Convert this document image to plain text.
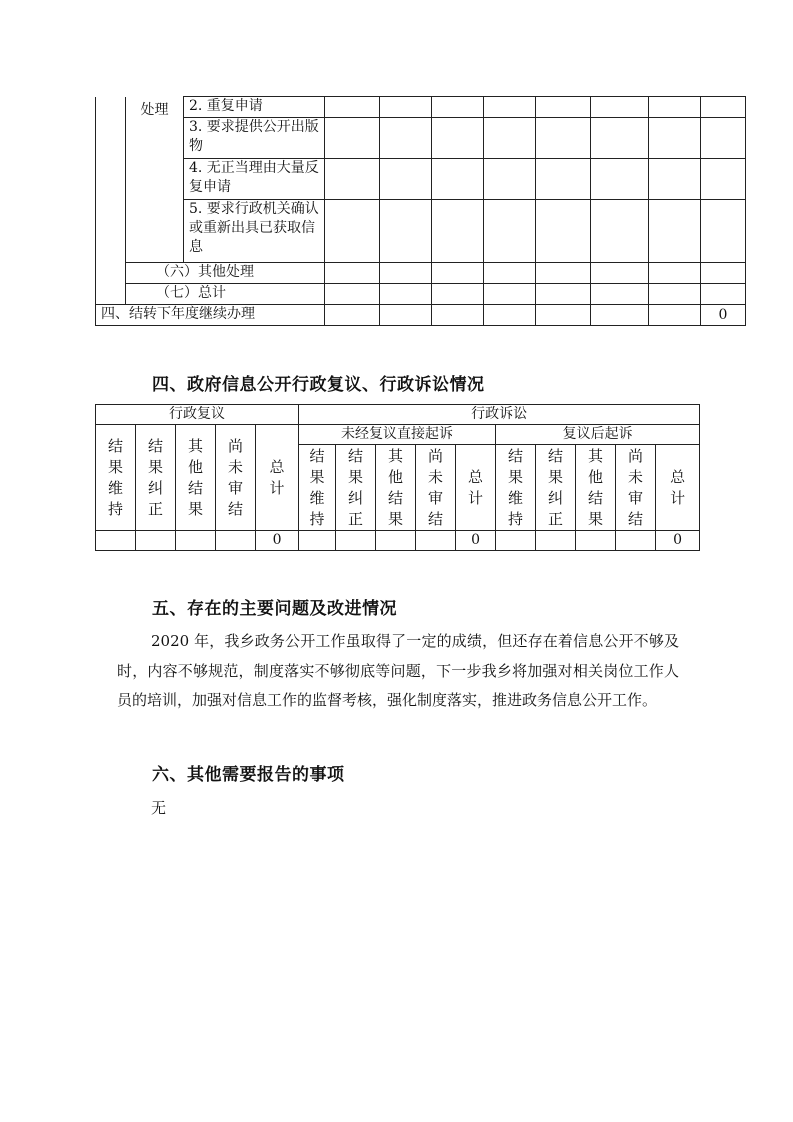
	处理	2. 重复申请								
		3. 要求提供公开出版物								
		4. 无正当理由大量反复申请								
		5. 要求行政机关确认或重新出具已获取信息								
	（六）其他处理									
	（七）总计									
四、结转下年度继续办理										0
四、政府信息公开行政复议、行政诉讼情况
行政复议					行政诉讼									
结果维持	结果纠正	其他结果	尚未审结	总计	未经复议直接起诉					复议后起诉				
					结果维持	结果纠正	其他结果	尚未审结	总计	结果维持	结果纠正	其他结果	尚未审结	总计
				0					0					0
五、存在的主要问题及改进情况

2020 年，我乡政务公开工作虽取得了一定的成绩，但还存在着信息公开不够及时，内容不够规范，制度落实不够彻底等问题，下一步我乡将加强对相关岗位工作人员的培训，加强对信息工作的监督考核，强化制度落实，推进政务信息公开工作。

六、其他需要报告的事项

无
